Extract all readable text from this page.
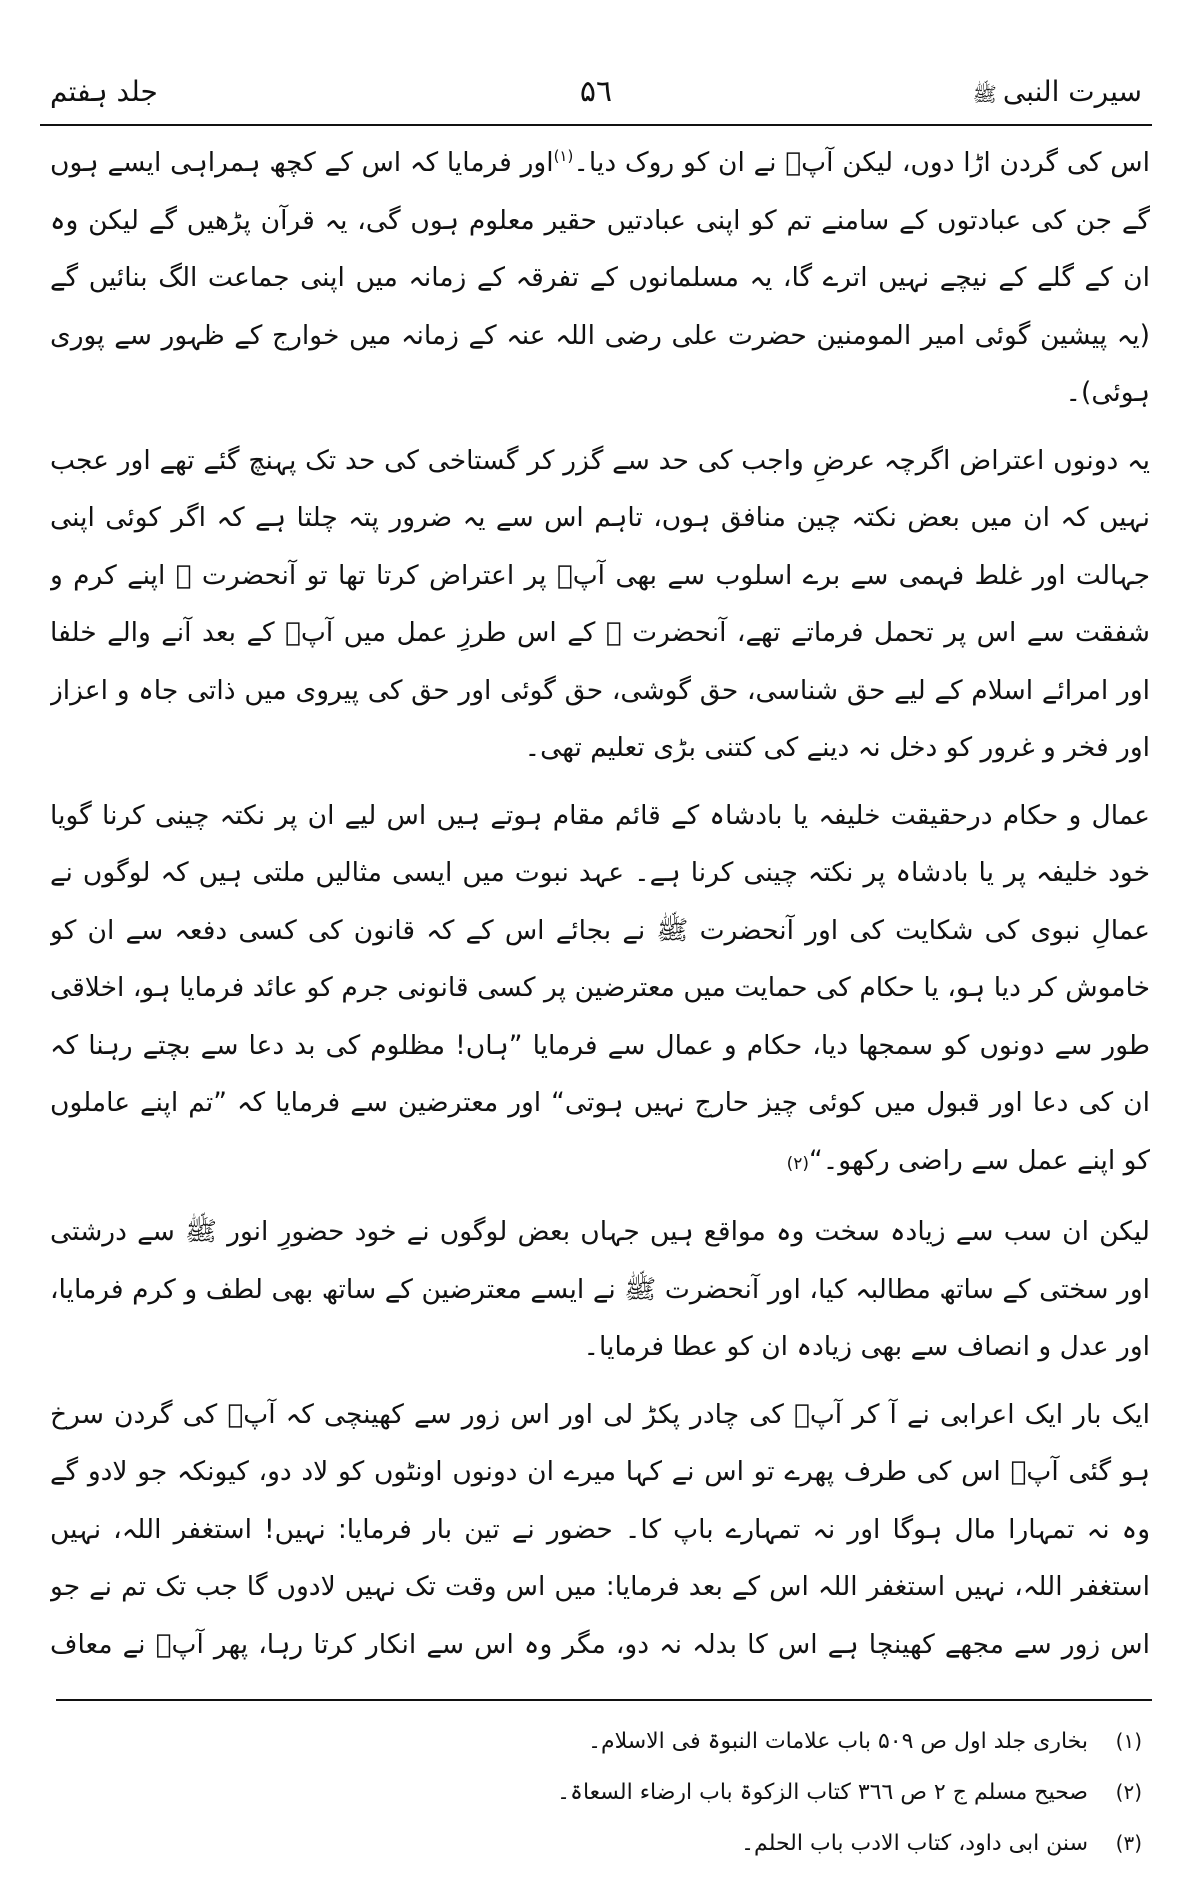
سیرت النبیﷺ
۵٦
جلد ہفتم

اس کی گردن اڑا دوں، لیکن آپؐ نے ان کو روک دیا۔$^{(۱)}$اور فرمایا کہ اس کے کچھ ہمراہی ایسے ہوں گے جن کی عبادتوں کے سامنے تم کو اپنی عبادتیں حقیر معلوم ہوں گی، یہ قرآن پڑھیں گے لیکن وہ ان کے گلے کے نیچے نہیں اترے گا، یہ مسلمانوں کے تفرقہ کے زمانہ میں اپنی جماعت الگ بنائیں گے (یہ پیشین گوئی امیر المومنین حضرت علی رضی اللہ عنہ کے زمانہ میں خوارج کے ظہور سے پوری ہوئی)۔

یہ دونوں اعتراض اگرچہ عرضِ واجب کی حد سے گزر کر گستاخی کی حد تک پہنچ گئے تھے اور عجب نہیں کہ ان میں بعض نکتہ چین منافق ہوں، تاہم اس سے یہ ضرور پتہ چلتا ہے کہ اگر کوئی اپنی جہالت اور غلط فہمی سے برے اسلوب سے بھی آپؐ پر اعتراض کرتا تھا تو آنحضرت ﷺ اپنے کرم و شفقت سے اس پر تحمل فرماتے تھے، آنحضرت ﷺ کے اس طرزِ عمل میں آپؐ کے بعد آنے والے خلفا اور امرائے اسلام کے لیے حق شناسی، حق گوشی، حق گوئی اور حق کی پیروی میں ذاتی جاہ و اعزاز اور فخر و غرور کو دخل نہ دینے کی کتنی بڑی تعلیم تھی۔

عمال و حکام درحقیقت خلیفہ یا بادشاہ کے قائم مقام ہوتے ہیں اس لیے ان پر نکتہ چینی کرنا گویا خود خلیفہ پر یا بادشاہ پر نکتہ چینی کرنا ہے۔ عہد نبوت میں ایسی مثالیں ملتی ہیں کہ لوگوں نے عمالِ نبوی کی شکایت کی اور آنحضرت ﷺ نے بجائے اس کے کہ قانون کی کسی دفعہ سے ان کو خاموش کر دیا ہو، یا حکام کی حمایت میں معترضین پر کسی قانونی جرم کو عائد فرمایا ہو، اخلاقی طور سے دونوں کو سمجھا دیا، حکام و عمال سے فرمایا ”ہاں! مظلوم کی بد دعا سے بچتے رہنا کہ ان کی دعا اور قبول میں کوئی چیز حارج نہیں ہوتی“ اور معترضین سے فرمایا کہ ”تم اپنے عاملوں کو اپنے عمل سے راضی رکھو۔“(۲)

لیکن ان سب سے زیادہ سخت وہ مواقع ہیں جہاں بعض لوگوں نے خود حضورِ انور ﷺ سے درشتی اور سختی کے ساتھ مطالبہ کیا، اور آنحضرت ﷺ نے ایسے معترضین کے ساتھ بھی لطف و کرم فرمایا، اور عدل و انصاف سے بھی زیادہ ان کو عطا فرمایا۔

ایک بار ایک اعرابی نے آ کر آپؐ کی چادر پکڑ لی اور اس زور سے کھینچی کہ آپؐ کی گردن سرخ ہو گئی آپؐ اس کی طرف پھرے تو اس نے کہا میرے ان دونوں اونٹوں کو لاد دو، کیونکہ جو لادو گے وہ نہ تمہارا مال ہوگا اور نہ تمہارے باپ کا۔ حضور نے تین بار فرمایا: نہیں! استغفر اللہ، نہیں استغفر اللہ، نہیں استغفر اللہ اس کے بعد فرمایا: میں اس وقت تک نہیں لادوں گا جب تک تم نے جو اس زور سے مجھے کھینچا ہے اس کا بدلہ نہ دو، مگر وہ اس سے انکار کرتا رہا، پھر آپؐ نے معاف

(۱)
بخاری جلد اول ص ۵۰۹ باب علامات النبوۃ فی الاسلام۔
(۲)
صحیح مسلم ج ۲ ص ۳٦٦ کتاب الزکوۃ باب ارضاء السعاۃ۔
(۳)
سنن ابی داود، کتاب الادب باب الحلم۔
